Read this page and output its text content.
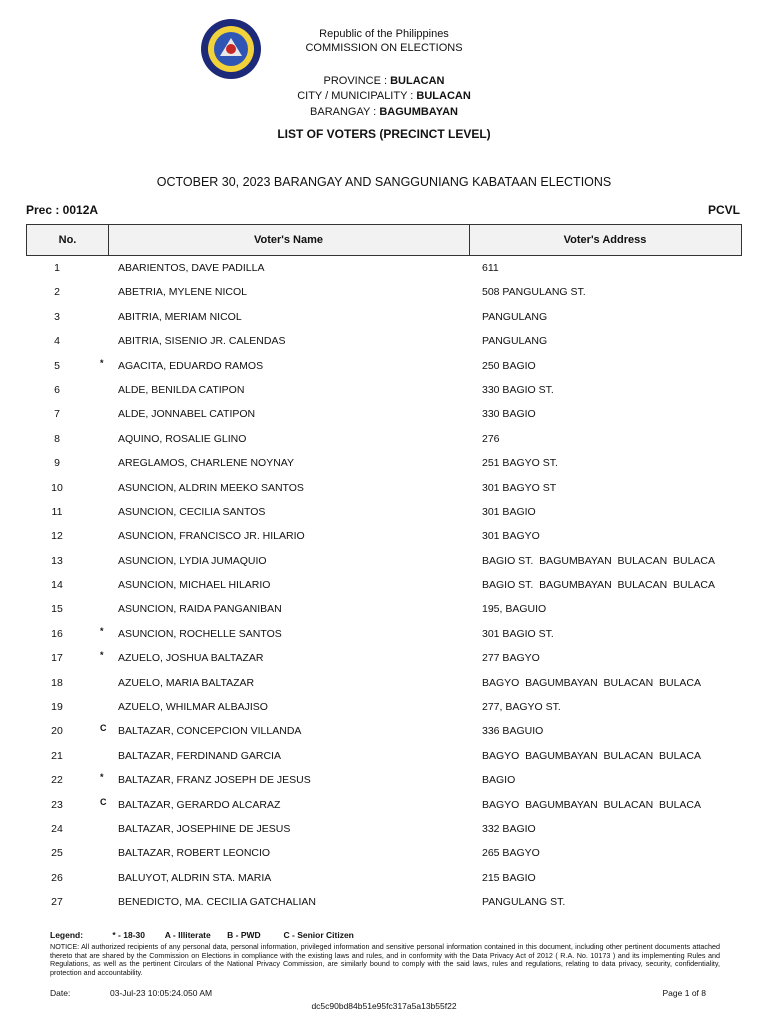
Republic of the Philippines
COMMISSION ON ELECTIONS
PROVINCE : BULACAN
CITY / MUNICIPALITY : BULACAN
BARANGAY : BAGUMBAYAN
LIST OF VOTERS (PRECINCT LEVEL)
OCTOBER 30, 2023 BARANGAY AND SANGGUNIANG KABATAAN ELECTIONS
Prec : 0012A	PCVL
No.	Voter's Name	Voter's Address
1	ABARIENTOS, DAVE PADILLA	611
2	ABETRIA, MYLENE NICOL	508 PANGULANG ST.
3	ABITRIA, MERIAM NICOL	PANGULANG
4	ABITRIA, SISENIO JR. CALENDAS	PANGULANG
5	*	AGACITA, EDUARDO RAMOS	250 BAGIO
6	ALDE, BENILDA CATIPON	330 BAGIO ST.
7	ALDE, JONNABEL CATIPON	330 BAGIO
8	AQUINO, ROSALIE GLINO	276
9	AREGLAMOS, CHARLENE NOYNAY	251 BAGYO ST.
10	ASUNCION, ALDRIN MEEKO SANTOS	301 BAGYO ST
11	ASUNCION, CECILIA SANTOS	301 BAGIO
12	ASUNCION, FRANCISCO JR. HILARIO	301 BAGYO
13	ASUNCION, LYDIA JUMAQUIO	BAGIO ST.  BAGUMBAYAN  BULACAN  BULACA
14	ASUNCION, MICHAEL HILARIO	BAGIO ST.  BAGUMBAYAN  BULACAN  BULACA
15	ASUNCION, RAIDA PANGANIBAN	195, BAGUIO
16	*	ASUNCION, ROCHELLE SANTOS	301 BAGIO ST.
17	*	AZUELO, JOSHUA BALTAZAR	277 BAGYO
18	AZUELO, MARIA BALTAZAR	BAGYO  BAGUMBAYAN  BULACAN  BULACA
19	AZUELO, WHILMAR ALBAJISO	277, BAGYO ST.
20	C	BALTAZAR, CONCEPCION VILLANDA	336 BAGUIO
21	BALTAZAR, FERDINAND GARCIA	BAGYO  BAGUMBAYAN  BULACAN  BULACA
22	*	BALTAZAR, FRANZ JOSEPH DE JESUS	BAGIO
23	C	BALTAZAR, GERARDO ALCARAZ	BAGYO  BAGUMBAYAN  BULACAN  BULACA
24	BALTAZAR, JOSEPHINE DE JESUS	332 BAGIO
25	BALTAZAR, ROBERT LEONCIO	265 BAGYO
26	BALUYOT, ALDRIN STA. MARIA	215 BAGIO
27	BENEDICTO, MA. CECILIA GATCHALIAN	PANGULANG ST.
Legend:	* - 18-30 A - Illiterate B - PWD	C - Senior Citizen
NOTICE: All authorized recipients of any personal data, personal information, privileged information and sensitive personal information contained in this document, including other pertinent documents attached thereto that are shared by the Commission on Elections in compliance with the existing laws and rules, and in conformity with the Data Privacy Act of 2012 ( R.A. No. 10173 ) and its implementing Rules and Regulations, as well as the pertinent Circulars of the National Privacy Commission, are similarly bound to comply with the said laws, rules and regulations, relating to data privacy, security, confidentiality, protection and accountability.
Date:	03-Jul-23 10:05:24.050 AM	Page 1 of 8
dc5c90bd84b51e95fc317a5a13b55f22
